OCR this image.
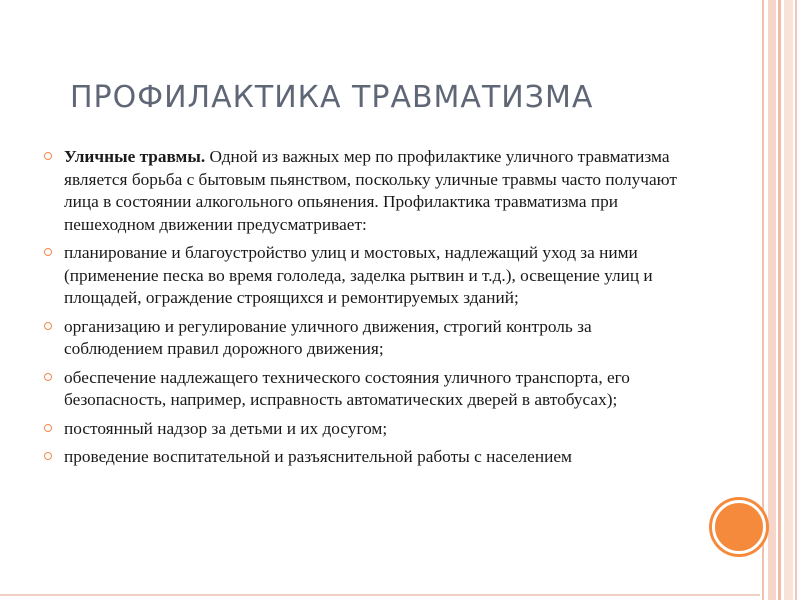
ПРОФИЛАКТИКА ТРАВМАТИЗМА
Уличные травмы. Одной из важных мер по профилактике уличного травматизма является борьба с бытовым пьянством, поскольку уличные травмы часто получают лица в состоянии алкогольного опьянения. Профилактика травматизма при пешеходном движении предусматривает:
планирование и благоустройство улиц и мостовых, надлежащий уход за ними (применение песка во время гололеда, заделка рытвин и т.д.), освещение улиц и площадей, ограждение строящихся и ремонтируемых зданий;
организацию и регулирование уличного движения, строгий контроль за соблюдением правил дорожного движения;
обеспечение надлежащего технического состояния уличного транспорта, его безопасность, например, исправность автоматических дверей в автобусах);
постоянный надзор за детьми и их досугом;
проведение воспитательной и разъяснительной работы с населением
